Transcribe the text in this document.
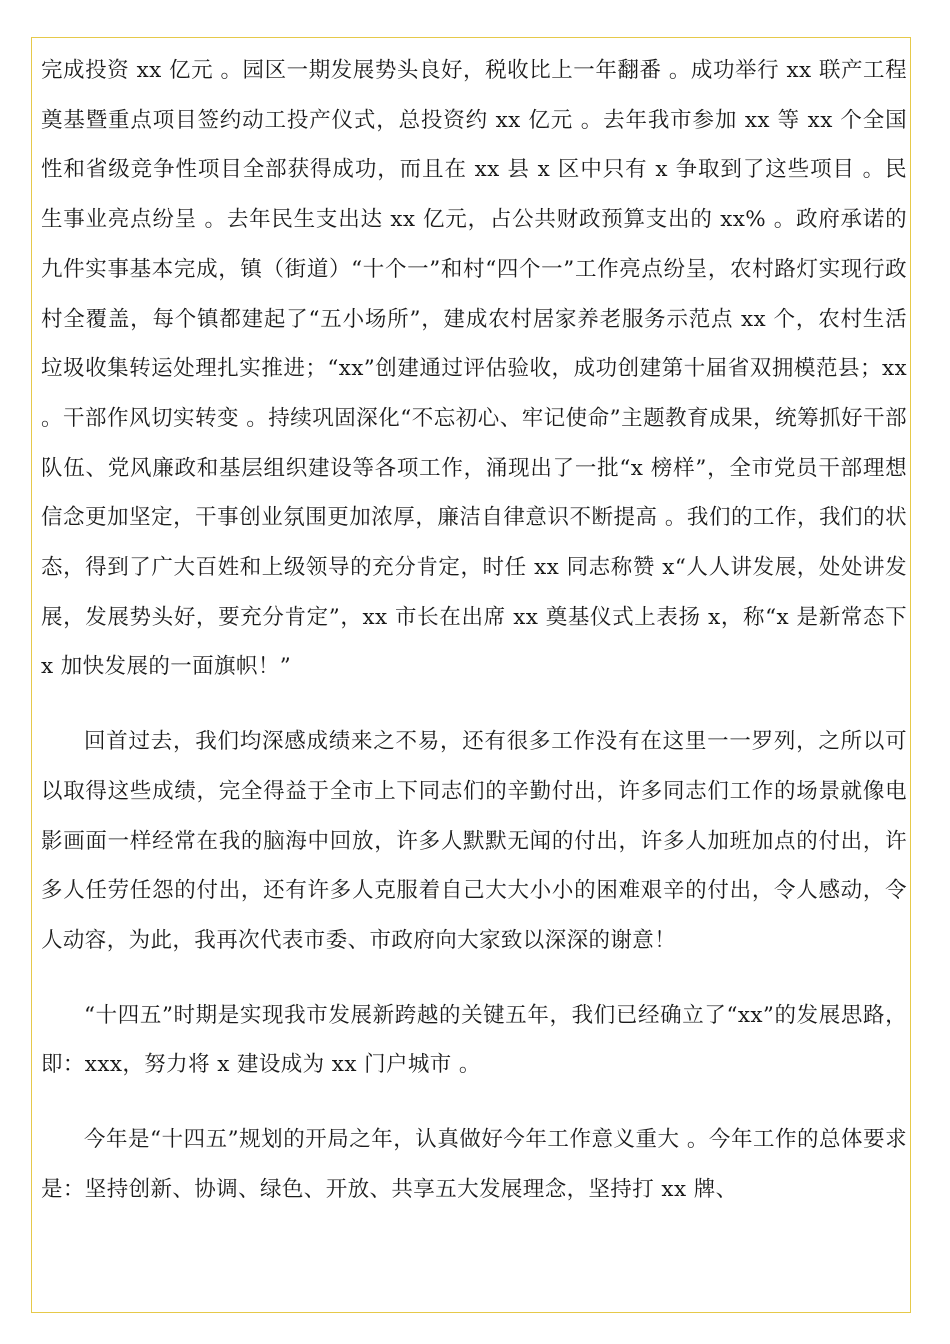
完成投资 xx 亿元 。园区一期发展势头良好，税收比上一年翻番 。成功举行 xx 联产工程奠基暨重点项目签约动工投产仪式，总投资约 xx 亿元 。去年我市参加 xx 等 xx 个全国性和省级竞争性项目全部获得成功，而且在 xx 县 x 区中只有 x 争取到了这些项目 。民生事业亮点纷呈 。去年民生支出达 xx 亿元，占公共财政预算支出的 xx% 。政府承诺的九件实事基本完成，镇（街道）“十个一”和村“四个一”工作亮点纷呈，农村路灯实现行政村全覆盖，每个镇都建起了“五小场所”，建成农村居家养老服务示范点 xx 个，农村生活垃圾收集转运处理扎实推进；“xx”创建通过评估验收，成功创建第十届省双拥模范县；xx 。干部作风切实转变 。持续巩固深化“不忘初心、牢记使命”主题教育成果，统筹抓好干部队伍、党风廉政和基层组织建设等各项工作，涌现出了一批“x 榜样”，全市党员干部理想信念更加坚定，干事创业氛围更加浓厚，廉洁自律意识不断提高 。我们的工作，我们的状态，得到了广大百姓和上级领导的充分肯定，时任 xx 同志称赞 x“人人讲发展，处处讲发展，发展势头好，要充分肯定”，xx 市长在出席 xx 奠基仪式上表扬 x，称“x 是新常态下 x 加快发展的一面旗帜！”

回首过去，我们均深感成绩来之不易，还有很多工作没有在这里一一罗列，之所以可以取得这些成绩，完全得益于全市上下同志们的辛勤付出，许多同志们工作的场景就像电影画面一样经常在我的脑海中回放，许多人默默无闻的付出，许多人加班加点的付出，许多人任劳任怨的付出，还有许多人克服着自己大大小小的困难艰辛的付出，令人感动，令人动容，为此，我再次代表市委、市政府向大家致以深深的谢意！

“十四五”时期是实现我市发展新跨越的关键五年，我们已经确立了“xx”的发展思路，即：xxx，努力将 x 建设成为 xx 门户城市 。

今年是“十四五”规划的开局之年，认真做好今年工作意义重大 。今年工作的总体要求是：坚持创新、协调、绿色、开放、共享五大发展理念，坚持打 xx 牌、
